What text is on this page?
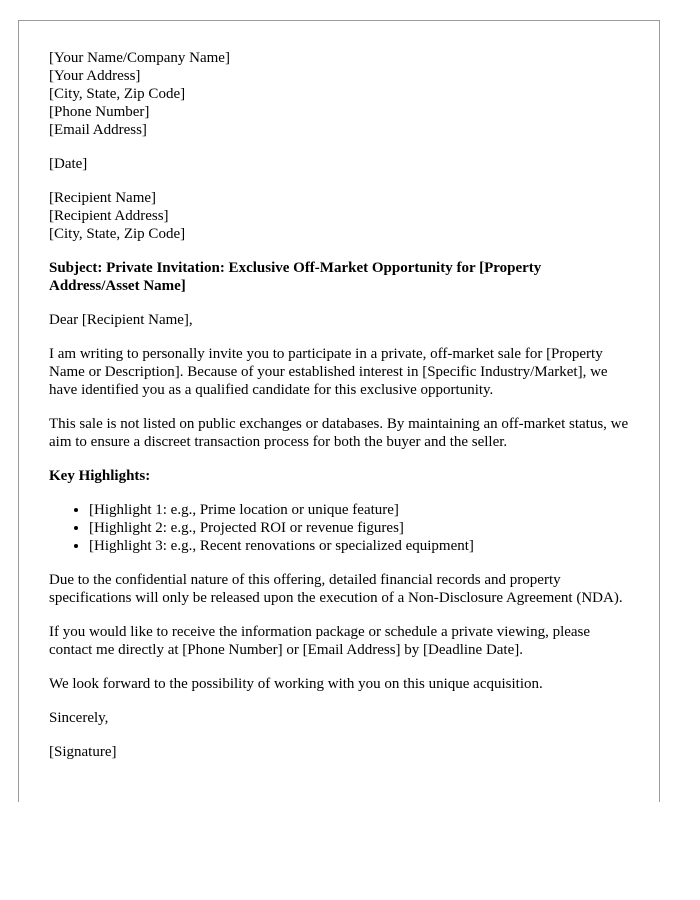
[Your Name/Company Name]
[Your Address]
[City, State, Zip Code]
[Phone Number]
[Email Address]
[Date]
[Recipient Name]
[Recipient Address]
[City, State, Zip Code]

Subject: Private Invitation: Exclusive Off-Market Opportunity for [Property Address/Asset Name]

Dear [Recipient Name],

I am writing to personally invite you to participate in a private, off-market sale for [Property Name or Description]. Because of your established interest in [Specific Industry/Market], we have identified you as a qualified candidate for this exclusive opportunity.

This sale is not listed on public exchanges or databases. By maintaining an off-market status, we aim to ensure a discreet transaction process for both the buyer and the seller.

Key Highlights:
• [Highlight 1: e.g., Prime location or unique feature]
• [Highlight 2: e.g., Projected ROI or revenue figures]
• [Highlight 3: e.g., Recent renovations or specialized equipment]

Due to the confidential nature of this offering, detailed financial records and property specifications will only be released upon the execution of a Non-Disclosure Agreement (NDA).

If you would like to receive the information package or schedule a private viewing, please contact me directly at [Phone Number] or [Email Address] by [Deadline Date].

We look forward to the possibility of working with you on this unique acquisition.

Sincerely,

[Signature]
